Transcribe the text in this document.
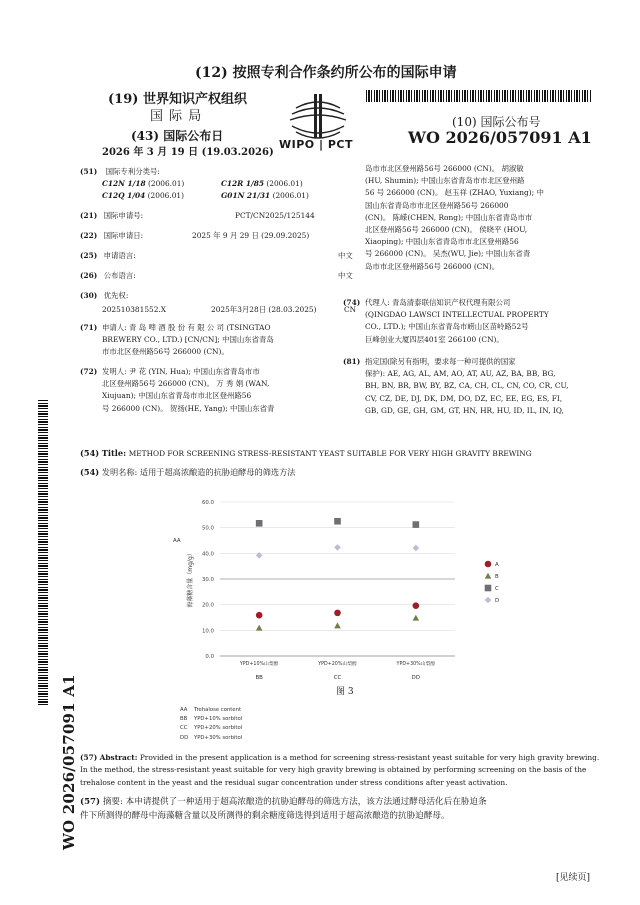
(12) 按照专利合作条约所公布的国际申请
(19) 世界知识产权组织
国 际 局
(43) 国际公布日
2026 年 3 月 19 日 (19.03.2026)
WIPO | PCT
(10) 国际公布号
WO 2026/057091 A1
(51) 国际专利分类号:
C12N 1/18 (2006.01)	C12R 1/85 (2006.01)
C12Q 1/04 (2006.01)	G01N 21/31 (2006.01)
(21) 国际申请号:	PCT/CN2025/125144
(22) 国际申请日:	2025 年 9 月 29 日 (29.09.2025)
(25) 申请语言:	中文
(26) 公布语言:	中文
(30) 优先权:
202510381552.X	2025年3月28日 (28.03.2025)	CN
(71) 申请人: 青 岛 啤 酒 股 份 有 限 公 司 (TSINGTAO
BREWERY CO., LTD.) [CN/CN]; 中国山东省青岛
市市北区登州路56号 266000 (CN)。
(72) 发明人: 尹 花 (YIN, Hua); 中国山东省青岛市市
北区登州路56号 266000 (CN)。 万 秀 娟 (WAN,
Xiujuan); 中国山东省青岛市市北区登州路56
号 266000 (CN)。 贺扬(HE, Yang); 中国山东省青
岛市市北区登州路56号 266000 (CN)。 胡淑敏
(HU, Shumin); 中国山东省青岛市市北区登州路
56 号 266000 (CN)。 赵玉祥 (ZHAO, Yuxiang); 中
国山东省青岛市市北区登州路56号 266000
(CN)。 陈嵘(CHEN, Rong); 中国山东省青岛市市
北区登州路56号 266000 (CN)。 侯晓平 (HOU,
Xiaoping); 中国山东省青岛市市北区登州路56
号 266000 (CN)。 吴杰(WU, Jie); 中国山东省青
岛市市北区登州路56号 266000 (CN)。
(74) 代理人: 青岛清泰联信知识产权代理有限公司
(QINGDAO LAWSCI INTELLECTUAL PROPERTY
CO., LTD.); 中国山东省青岛市崂山区苗岭路52号
巨峰创业大厦四层401室 266100 (CN)。
(81) 指定国(除另有指明，要求每一种可提供的国家
保护): AE, AG, AL, AM, AO, AT, AU, AZ, BA, BB, BG,
BH, BN, BR, BW, BY, BZ, CA, CH, CL, CN, CO, CR, CU,
CV, CZ, DE, DJ, DK, DM, DO, DZ, EC, EE, EG, ES, FI,
GB, GD, GE, GH, GM, GT, HN, HR, HU, ID, IL, IN, IQ,
(54) Title: METHOD FOR SCREENING STRESS-RESISTANT YEAST SUITABLE FOR VERY HIGH GRAVITY BREWING
(54) 发明名称: 适用于超高浓酿造的抗胁迫酵母的筛选方法
0.0
10.0
20.0
30.0
40.0
50.0
60.0
海藻糖含量（mg/g）
YPD+10%山梨醇
BB
YPD+20%山梨醇
CC
YPD+30%山梨醇
DD
A
B
C
D
AA
图 3
AA Trehalose content
BB YPD+10% sorbitol
CC YPD+20% sorbitol
DD YPD+30% sorbitol
(57) Abstract: Provided in the present application is a method for screening stress-resistant yeast suitable for very high gravity brewing.
In the method, the stress-resistant yeast suitable for very high gravity brewing is obtained by performing screening on the basis of the
trehalose content in the yeast and the residual sugar concentration under stress conditions after yeast activation.
(57) 摘要: 本申请提供了一种适用于超高浓酿造的抗胁迫酵母的筛选方法，该方法通过酵母活化后在胁迫条
件下所测得的酵母中海藻糖含量以及所测得的剩余糖度筛选得到适用于超高浓酿造的抗胁迫酵母。
[见续页]
WO 2026/057091 A1
